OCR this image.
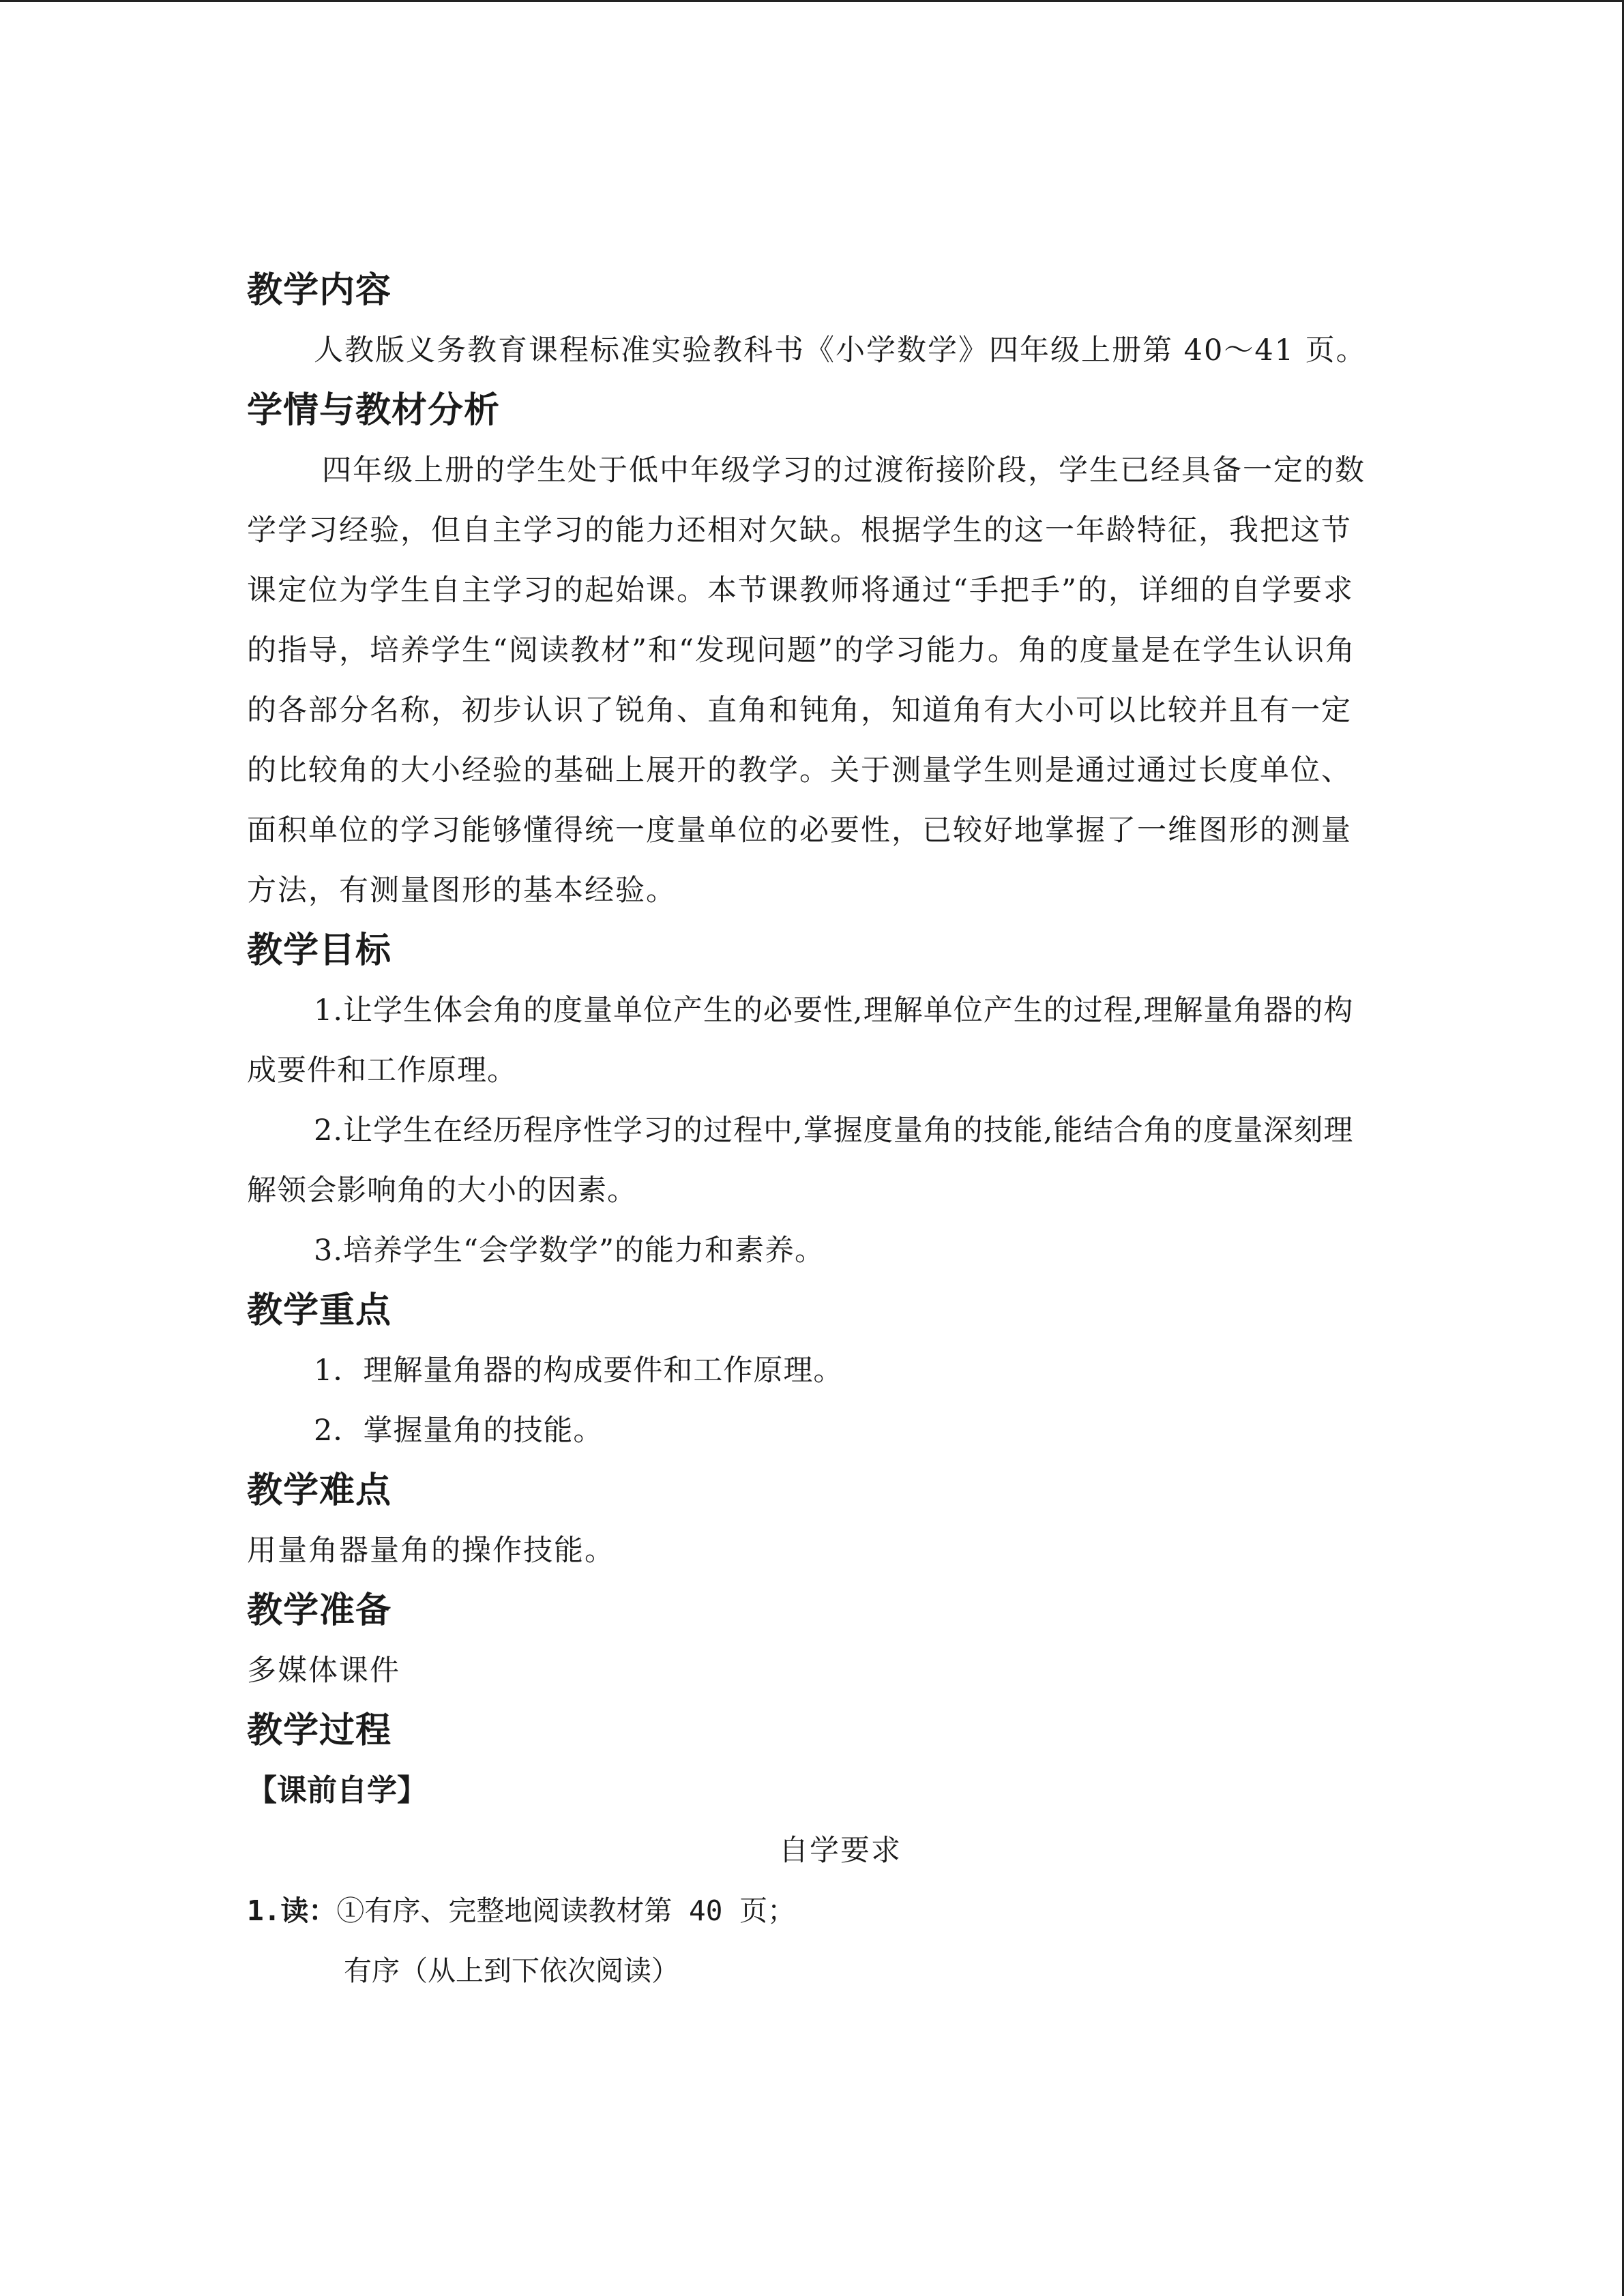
教学内容

人教版义务教育课程标准实验教科书《小学数学》四年级上册第 40～41 页。

学情与教材分析

四年级上册的学生处于低中年级学习的过渡衔接阶段，学生已经具备一定的数学学习经验，但自主学习的能力还相对欠缺。根据学生的这一年龄特征，我把这节课定位为学生自主学习的起始课。本节课教师将通过“手把手”的，详细的自学要求的指导，培养学生“阅读教材”和“发现问题”的学习能力。角的度量是在学生认识角的各部分名称，初步认识了锐角、直角和钝角，知道角有大小可以比较并且有一定的比较角的大小经验的基础上展开的教学。关于测量学生则是通过通过长度单位、面积单位的学习能够懂得统一度量单位的必要性，已较好地掌握了一维图形的测量方法，有测量图形的基本经验。

教学目标

1.让学生体会角的度量单位产生的必要性,理解单位产生的过程,理解量角器的构成要件和工作原理。

2.让学生在经历程序性学习的过程中,掌握度量角的技能,能结合角的度量深刻理解领会影响角的大小的因素。

3.培养学生“会学数学”的能力和素养。

教学重点

1．理解量角器的构成要件和工作原理。

2．掌握量角的技能。

教学难点

用量角器量角的操作技能。

教学准备

多媒体课件

教学过程

【课前自学】

自学要求

1.读：①有序、完整地阅读教材第 40 页；

有序（从上到下依次阅读）
